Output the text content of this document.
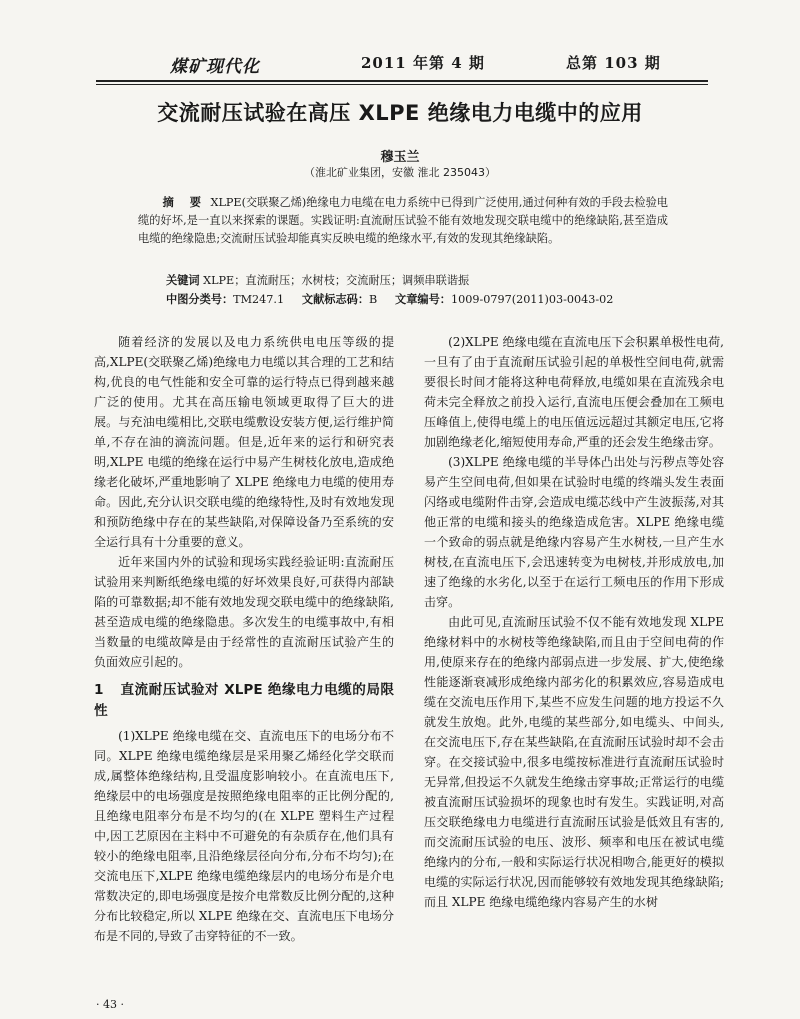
煤矿现代化	2011 年第 4 期	总第 103 期
交流耐压试验在高压 XLPE 绝缘电力电缆中的应用
穆玉兰
（淮北矿业集团，安徽 淮北 235043）
摘 要 XLPE(交联聚乙烯)绝缘电力电缆在电力系统中已得到广泛使用,通过何种有效的手段去检验电缆的好坏,是一直以来探索的课题。实践证明:直流耐压试验不能有效地发现交联电缆中的绝缘缺陷,甚至造成电缆的绝缘隐患;交流耐压试验却能真实反映电缆的绝缘水平,有效的发现其绝缘缺陷。
关键词 XLPE；直流耐压；水树枝；交流耐压；调频串联谐振
中图分类号：TM247.1 文献标志码：B 文章编号：1009-0797(2011)03-0043-02

随着经济的发展以及电力系统供电电压等级的提高,XLPE(交联聚乙烯)绝缘电力电缆以其合理的工艺和结构,优良的电气性能和安全可靠的运行特点已得到越来越广泛的使用。尤其在高压输电领域更取得了巨大的进展。与充油电缆相比,交联电缆敷设安装方便,运行维护简单,不存在油的滴流问题。但是,近年来的运行和研究表明,XLPE 电缆的绝缘在运行中易产生树枝化放电,造成绝缘老化破坏,严重地影响了 XLPE 绝缘电力电缆的使用寿命。因此,充分认识交联电缆的绝缘特性,及时有效地发现和预防绝缘中存在的某些缺陷,对保障设备乃至系统的安全运行具有十分重要的意义。

近年来国内外的试验和现场实践经验证明:直流耐压试验用来判断纸绝缘电缆的好坏效果良好,可获得内部缺陷的可靠数据;却不能有效地发现交联电缆中的绝缘缺陷,甚至造成电缆的绝缘隐患。多次发生的电缆事故中,有相当数量的电缆故障是由于经常性的直流耐压试验产生的负面效应引起的。

1 直流耐压试验对 XLPE 绝缘电力电缆的局限性

(1)XLPE 绝缘电缆在交、直流电压下的电场分布不同。XLPE 绝缘电缆绝缘层是采用聚乙烯经化学交联而成,属整体绝缘结构,且受温度影响较小。在直流电压下,绝缘层中的电场强度是按照绝缘电阻率的正比例分配的,且绝缘电阻率分布是不均匀的(在 XLPE 塑料生产过程中,因工艺原因在主料中不可避免的有杂质存在,他们具有较小的绝缘电阻率,且沿绝缘层径向分布,分布不均匀);在交流电压下,XLPE 绝缘电缆绝缘层内的电场分布是介电常数决定的,即电场强度是按介电常数反比例分配的,这种分布比较稳定,所以 XLPE 绝缘在交、直流电压下电场分布是不同的,导致了击穿特征的不一致。

(2)XLPE 绝缘电缆在直流电压下会积累单极性电荷,一旦有了由于直流耐压试验引起的单极性空间电荷,就需要很长时间才能将这种电荷释放,电缆如果在直流残余电荷未完全释放之前投入运行,直流电压便会叠加在工频电压峰值上,使得电缆上的电压值远远超过其额定电压,它将加剧绝缘老化,缩短使用寿命,严重的还会发生绝缘击穿。

(3)XLPE 绝缘电缆的半导体凸出处与污秽点等处容易产生空间电荷,但如果在试验时电缆的终端头发生表面闪络或电缆附件击穿,会造成电缆芯线中产生波振荡,对其他正常的电缆和接头的绝缘造成危害。XLPE 绝缘电缆一个致命的弱点就是绝缘内容易产生水树枝,一旦产生水树枝,在直流电压下,会迅速转变为电树枝,并形成放电,加速了绝缘的水劣化,以至于在运行工频电压的作用下形成击穿。

由此可见,直流耐压试验不仅不能有效地发现 XLPE 绝缘材料中的水树枝等绝缘缺陷,而且由于空间电荷的作用,使原来存在的绝缘内部弱点进一步发展、扩大,使绝缘性能逐渐衰减形成绝缘内部劣化的积累效应,容易造成电缆在交流电压作用下,某些不应发生问题的地方投运不久就发生放炮。此外,电缆的某些部分,如电缆头、中间头,在交流电压下,存在某些缺陷,在直流耐压试验时却不会击穿。在交接试验中,很多电缆按标准进行直流耐压试验时无异常,但投运不久就发生绝缘击穿事故;正常运行的电缆被直流耐压试验损坏的现象也时有发生。实践证明,对高压交联绝缘电力电缆进行直流耐压试验是低效且有害的,而交流耐压试验的电压、波形、频率和电压在被试电缆绝缘内的分布,一般和实际运行状况相吻合,能更好的模拟电缆的实际运行状况,因而能够较有效地发现其绝缘缺陷;而且 XLPE 绝缘电缆绝缘内容易产生的水树

· 43 ·
